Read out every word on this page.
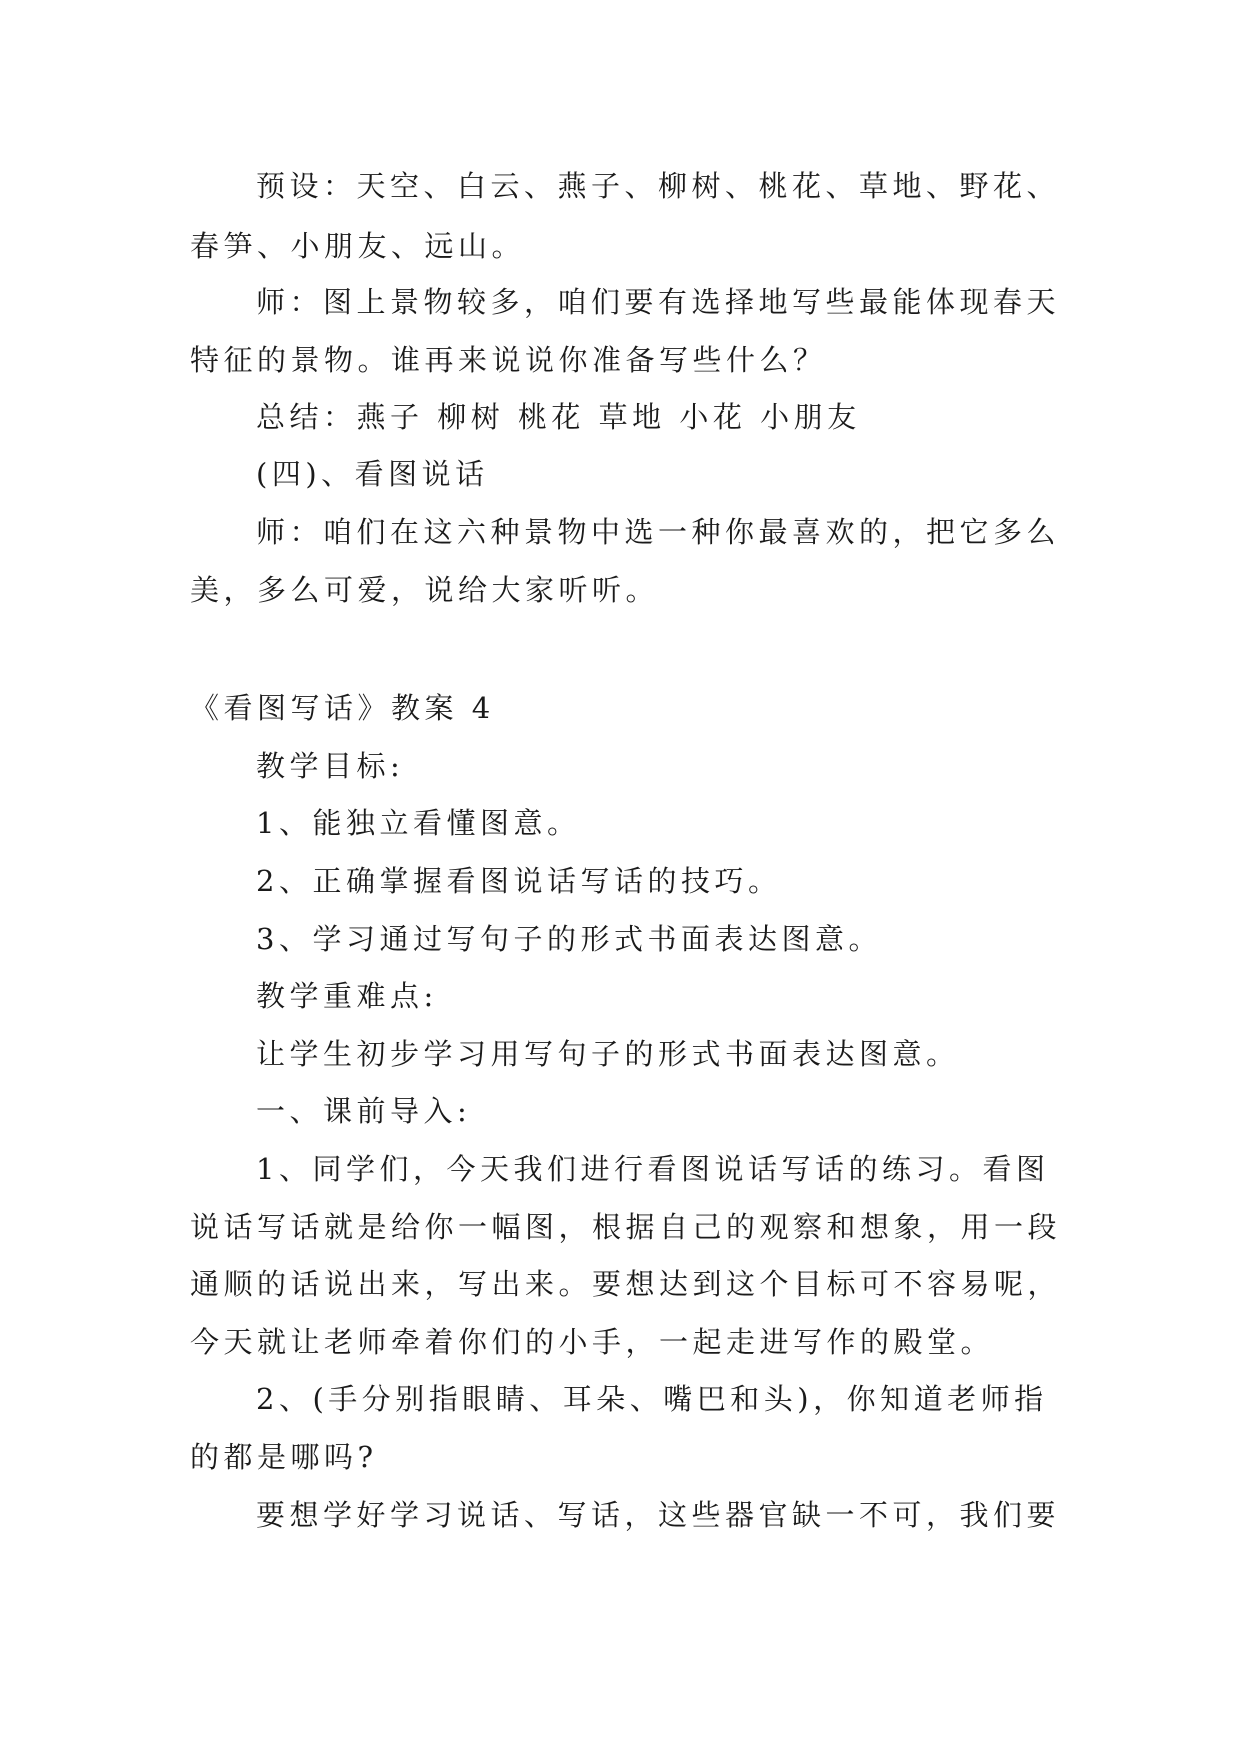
预设：天空、白云、燕子、柳树、桃花、草地、野花、

春笋、小朋友、远山。

师：图上景物较多，咱们要有选择地写些最能体现春天

特征的景物。谁再来说说你准备写些什么？

总结：燕子 柳树 桃花 草地 小花 小朋友

(四)、看图说话

师：咱们在这六种景物中选一种你最喜欢的，把它多么

美，多么可爱，说给大家听听。

《看图写话》教案 4

教学目标:

1、能独立看懂图意。

2、正确掌握看图说话写话的技巧。

3、学习通过写句子的形式书面表达图意。

教学重难点:

让学生初步学习用写句子的形式书面表达图意。

一、课前导入:

1、同学们，今天我们进行看图说话写话的练习。看图

说话写话就是给你一幅图，根据自己的观察和想象，用一段

通顺的话说出来，写出来。要想达到这个目标可不容易呢，

今天就让老师牵着你们的小手，一起走进写作的殿堂。

2、(手分别指眼睛、耳朵、嘴巴和头)，你知道老师指

的都是哪吗?

要想学好学习说话、写话，这些器官缺一不可，我们要
